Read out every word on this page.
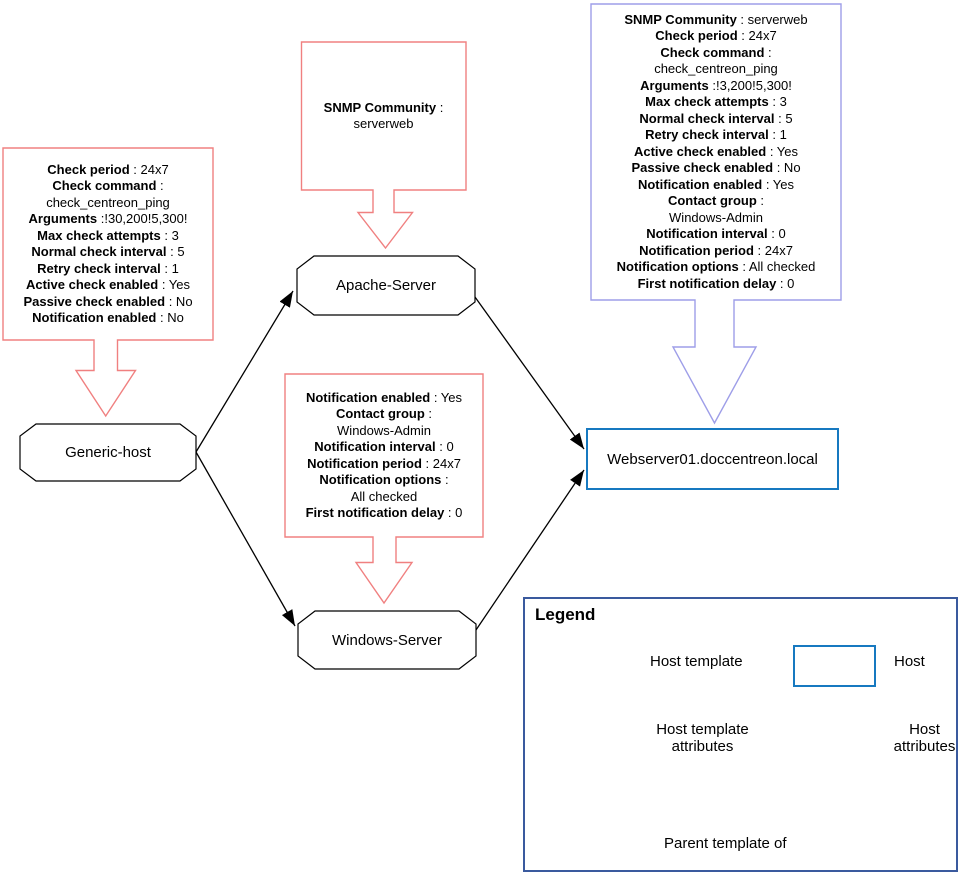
Check period : 24x7
Check command :
check_centreon_ping
Arguments :!30,200!5,300!
Max check attempts : 3
Normal check interval : 5
Retry check interval : 1
Active check enabled : Yes
Passive check enabled : No
Notification enabled : No
SNMP Community :
serverweb
SNMP Community : serverweb
Check period : 24x7
Check command :
check_centreon_ping
Arguments :!3,200!5,300!
Max check attempts : 3
Normal check interval : 5
Retry check interval : 1
Active check enabled : Yes
Passive check enabled : No
Notification enabled : Yes
Contact group :
Windows-Admin
Notification interval : 0
Notification period : 24x7
Notification options : All checked
First notification delay : 0
Notification enabled : Yes
Contact group :
Windows-Admin
Notification interval : 0
Notification period : 24x7
Notification options :
All checked
First notification delay : 0
Generic-host
Apache-Server
Windows-Server
Webserver01.doccentreon.local
Legend
Host template	Host
Host template attributes
Host attributes
Parent template of
